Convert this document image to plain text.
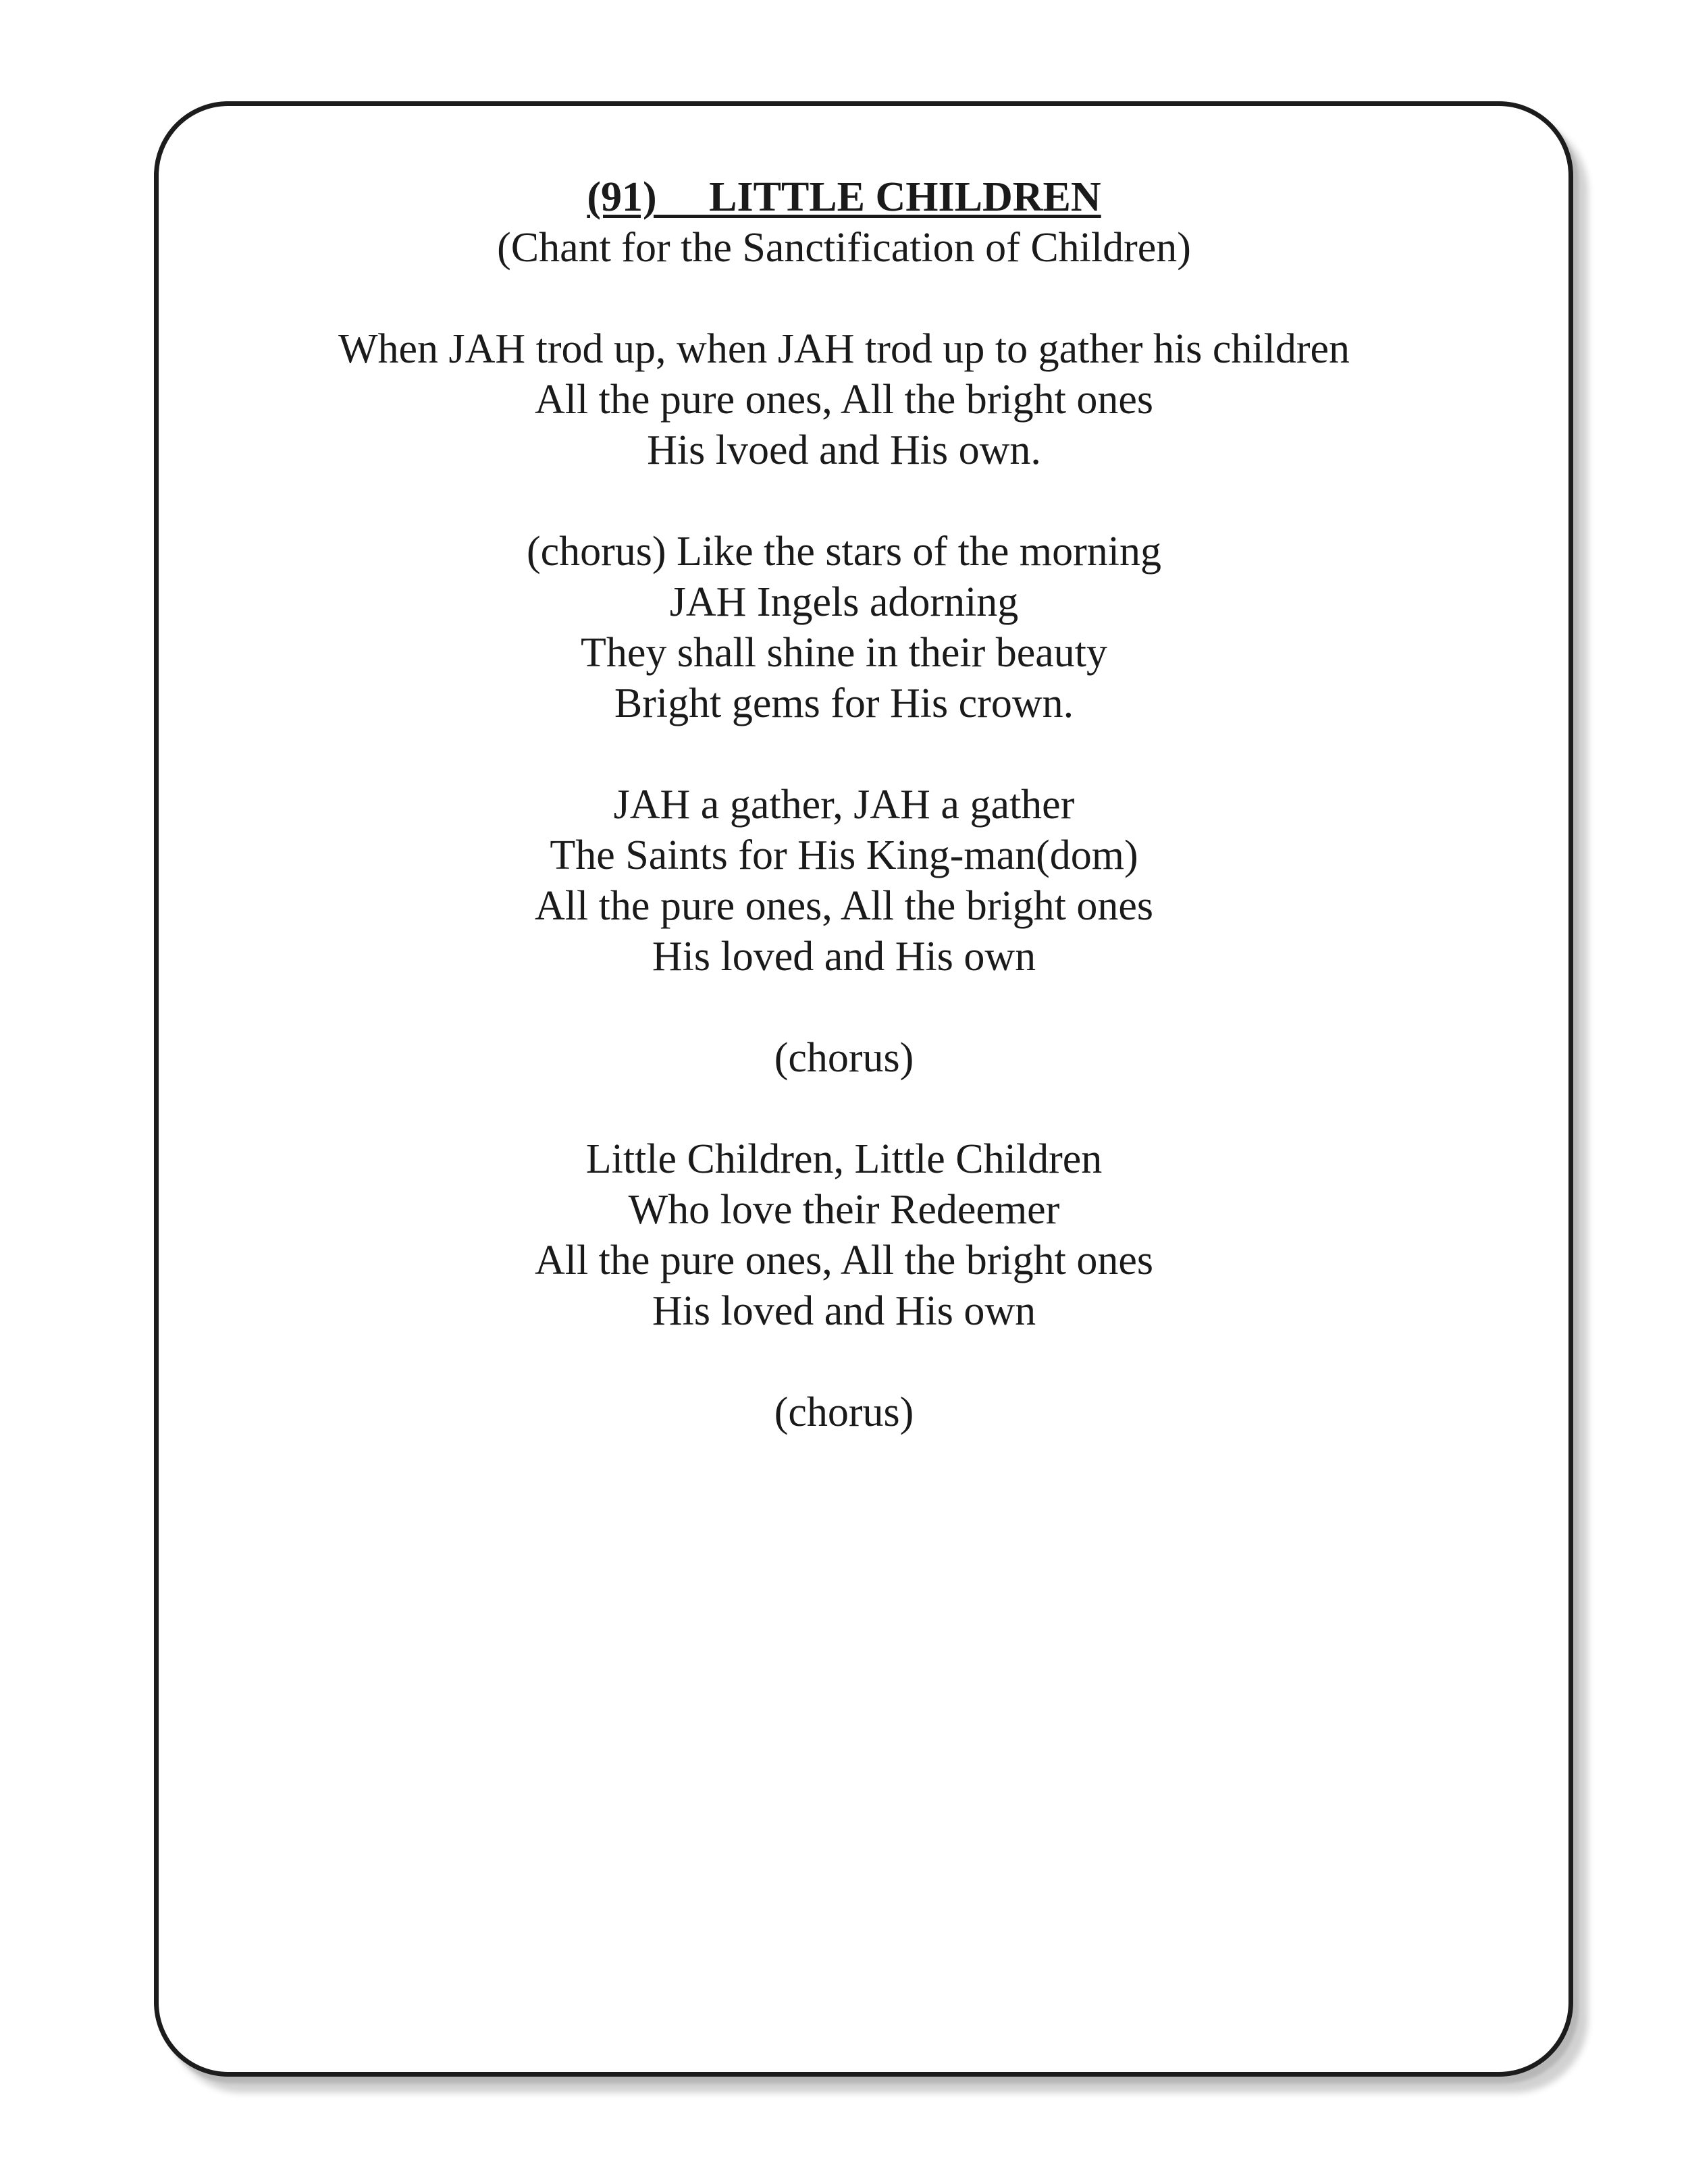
(91)     LITTLE CHILDREN
(Chant for the Sanctification of Children)
When JAH trod up, when JAH trod up to gather his children
All the pure ones, All the bright ones
His lvoed and His own.
(chorus) Like the stars of the morning
JAH Ingels adorning
They shall shine in their beauty
Bright gems for His crown.
JAH a gather, JAH a gather
The Saints for His King-man(dom)
All the pure ones, All the bright ones
His loved and His own
(chorus)
Little Children, Little Children
Who love their Redeemer
All the pure ones, All the bright ones
His loved and His own
(chorus)
